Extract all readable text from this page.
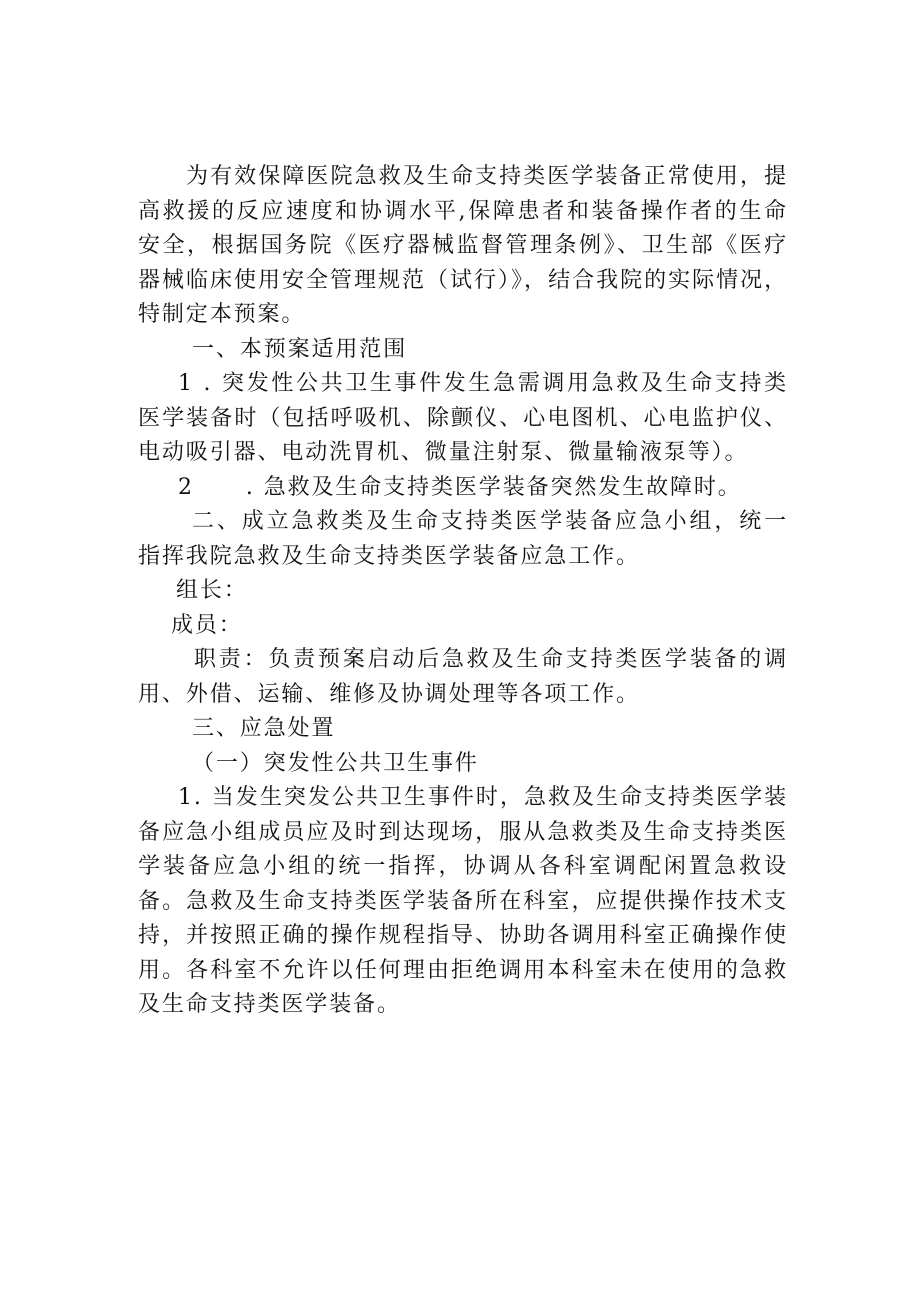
为有效保障医院急救及生命支持类医学装备正常使用，提高救援的反应速度和协调水平,保障患者和装备操作者的生命安全，根据国务院《医疗器械监督管理条例》、卫生部《医疗器械临床使用安全管理规范（试行）》，结合我院的实际情况，特制定本预案。

一、本预案适用范围

1 . 突发性公共卫生事件发生急需调用急救及生命支持类医学装备时（包括呼吸机、除颤仪、心电图机、心电监护仪、电动吸引器、电动洗胃机、微量注射泵、微量输液泵等）。

2 . 急救及生命支持类医学装备突然发生故障时。

二、成立急救类及生命支持类医学装备应急小组，统一指挥我院急救及生命支持类医学装备应急工作。

组长：

成员：

职责：负责预案启动后急救及生命支持类医学装备的调用、外借、运输、维修及协调处理等各项工作。

三、应急处置

（一）突发性公共卫生事件

1. 当发生突发公共卫生事件时，急救及生命支持类医学装备应急小组成员应及时到达现场，服从急救类及生命支持类医学装备应急小组的统一指挥，协调从各科室调配闲置急救设备。急救及生命支持类医学装备所在科室，应提供操作技术支持，并按照正确的操作规程指导、协助各调用科室正确操作使用。各科室不允许以任何理由拒绝调用本科室未在使用的急救及生命支持类医学装备。
